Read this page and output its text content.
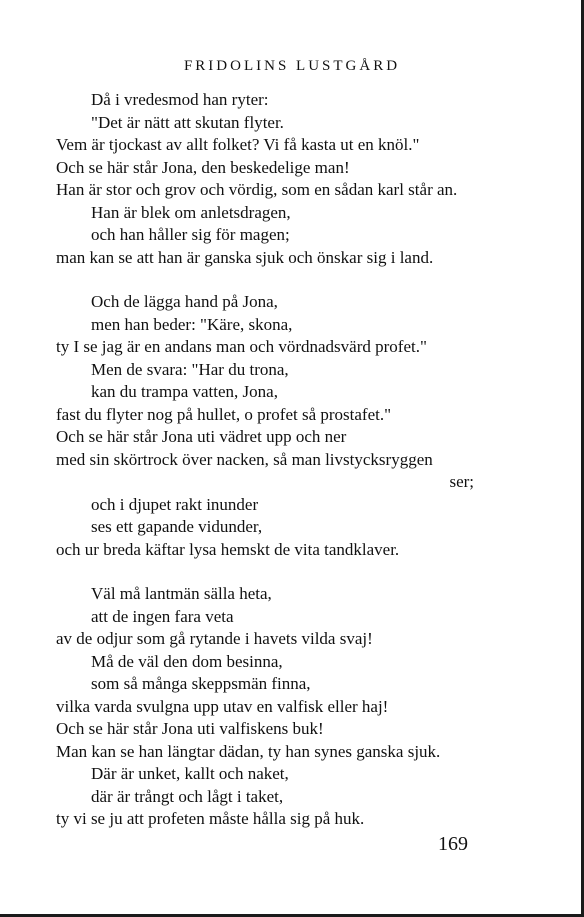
FRIDOLINS LUSTGÅRD
Då i vredesmod han ryter:
"Det är nätt att skutan flyter.
Vem är tjockast av allt folket? Vi få kasta ut en knöl."
Och se här står Jona, den beskedelige man!
Han är stor och grov och vördig, som en sådan karl står an.
Han är blek om anletsdragen,
och han håller sig för magen;
man kan se att han är ganska sjuk och önskar sig i land.
Och de lägga hand på Jona,
men han beder: "Käre, skona,
ty I se jag är en andans man och vördnadsvärd profet."
Men de svara: "Har du trona,
kan du trampa vatten, Jona,
fast du flyter nog på hullet, o profet så prostafet."
Och se här står Jona uti vädret upp och ner
med sin skörtrock över nacken, så man livstycksryggen
ser;
och i djupet rakt inunder
ses ett gapande vidunder,
och ur breda käftar lysa hemskt de vita tandklaver.
Väl må lantmän sälla heta,
att de ingen fara veta
av de odjur som gå rytande i havets vilda svaj!
Må de väl den dom besinna,
som så många skeppsmän finna,
vilka varda svulgna upp utav en valfisk eller haj!
Och se här står Jona uti valfiskens buk!
Man kan se han längtar dädan, ty han synes ganska sjuk.
Där är unket, kallt och naket,
där är trångt och lågt i taket,
ty vi se ju att profeten måste hålla sig på huk.
169
